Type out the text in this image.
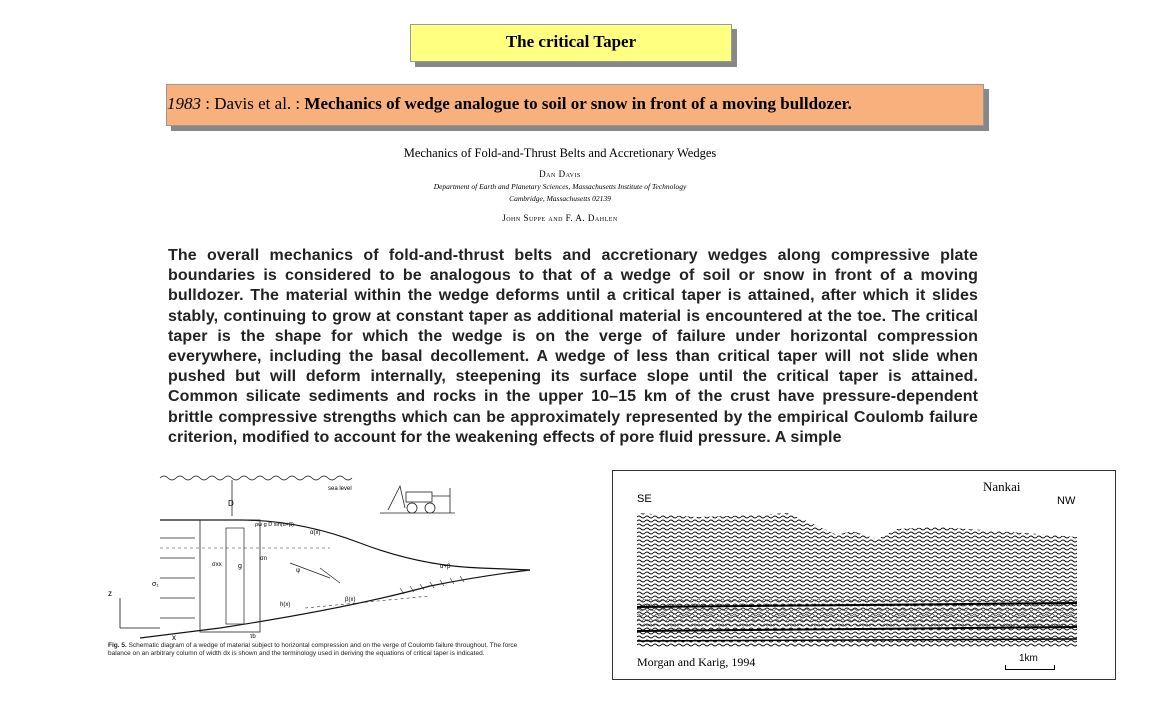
The critical Taper
1983 : Davis et al. : Mechanics of wedge analogue to soil or snow in front of a moving bulldozer.
Mechanics of Fold-and-Thrust Belts and Accretionary Wedges
Dan Davis
Department of Earth and Planetary Sciences, Massachusetts Institute of Technology
Cambridge, Massachusetts 02139
John Suppe and F. A. Dahlen
The overall mechanics of fold-and-thrust belts and accretionary wedges along compressive plate boundaries is considered to be analogous to that of a wedge of soil or snow in front of a moving bulldozer. The material within the wedge deforms until a critical taper is attained, after which it slides stably, continuing to grow at constant taper as additional material is encountered at the toe. The critical taper is the shape for which the wedge is on the verge of failure under horizontal compression everywhere, including the basal decollement. A wedge of less than critical taper will not slide when pushed but will deform internally, steepening its surface slope until the critical taper is attained. Common silicate sediments and rocks in the upper 10–15 km of the crust have pressure-dependent brittle compressive strengths which can be approximately represented by the empirical Coulomb failure criterion, modified to account for the weakening effects of pore fluid pressure. A simple
sea level
D
z
x
ρw g D sin(α+β)
α(x)
β(x)
h(x)
α+β
σ₁
σxx
σn
τb
ψ
g
Fig. 5. Schematic diagram of a wedge of material subject to horizontal compression and on the verge of Coulomb failure throughout. The force balance on an arbitrary column of width dx is shown and the terminology used in deriving the equations of critical taper is indicated.
SE	NW
Nankai
Morgan and Karig, 1994	1km
